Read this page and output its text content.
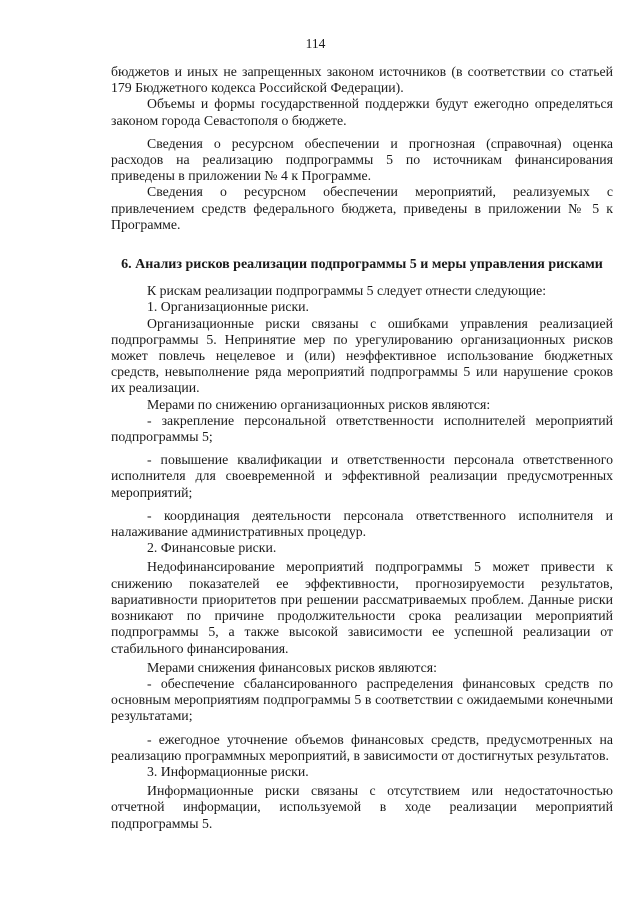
114

бюджетов и иных не запрещенных законом источников (в соответствии со статьей 179 Бюджетного кодекса Российской Федерации).

Объемы и формы государственной поддержки будут ежегодно определяться законом города Севастополя о бюджете.

Сведения о ресурсном обеспечении и прогнозная (справочная) оценка расходов на реализацию подпрограммы 5 по источникам финансирования приведены в приложении № 4 к Программе.

Сведения о ресурсном обеспечении мероприятий, реализуемых с привлечением средств федерального бюджета, приведены в приложении № 5 к Программе.

6. Анализ рисков реализации подпрограммы 5 и меры управления рисками

К рискам реализации подпрограммы 5 следует отнести следующие:

1. Организационные риски.

Организационные риски связаны с ошибками управления реализацией подпрограммы 5. Непринятие мер по урегулированию организационных рисков может повлечь нецелевое и (или) неэффективное использование бюджетных средств, невыполнение ряда мероприятий подпрограммы 5 или нарушение сроков их реализации.

Мерами по снижению организационных рисков являются:

- закрепление персональной ответственности исполнителей мероприятий подпрограммы 5;

- повышение квалификации и ответственности персонала ответственного исполнителя для своевременной и эффективной реализации предусмотренных мероприятий;

- координация деятельности персонала ответственного исполнителя и налаживание административных процедур.

2. Финансовые риски.

Недофинансирование мероприятий подпрограммы 5 может привести к снижению показателей ее эффективности, прогнозируемости результатов, вариативности приоритетов при решении рассматриваемых проблем. Данные риски возникают по причине продолжительности срока реализации мероприятий подпрограммы 5, а также высокой зависимости ее успешной реализации от стабильного финансирования.

Мерами снижения финансовых рисков являются:

- обеспечение сбалансированного распределения финансовых средств по основным мероприятиям подпрограммы 5 в соответствии с ожидаемыми конечными результатами;

- ежегодное уточнение объемов финансовых средств, предусмотренных на реализацию программных мероприятий, в зависимости от достигнутых результатов.

3. Информационные риски.

Информационные риски связаны с отсутствием или недостаточностью отчетной информации, используемой в ходе реализации мероприятий подпрограммы 5.
